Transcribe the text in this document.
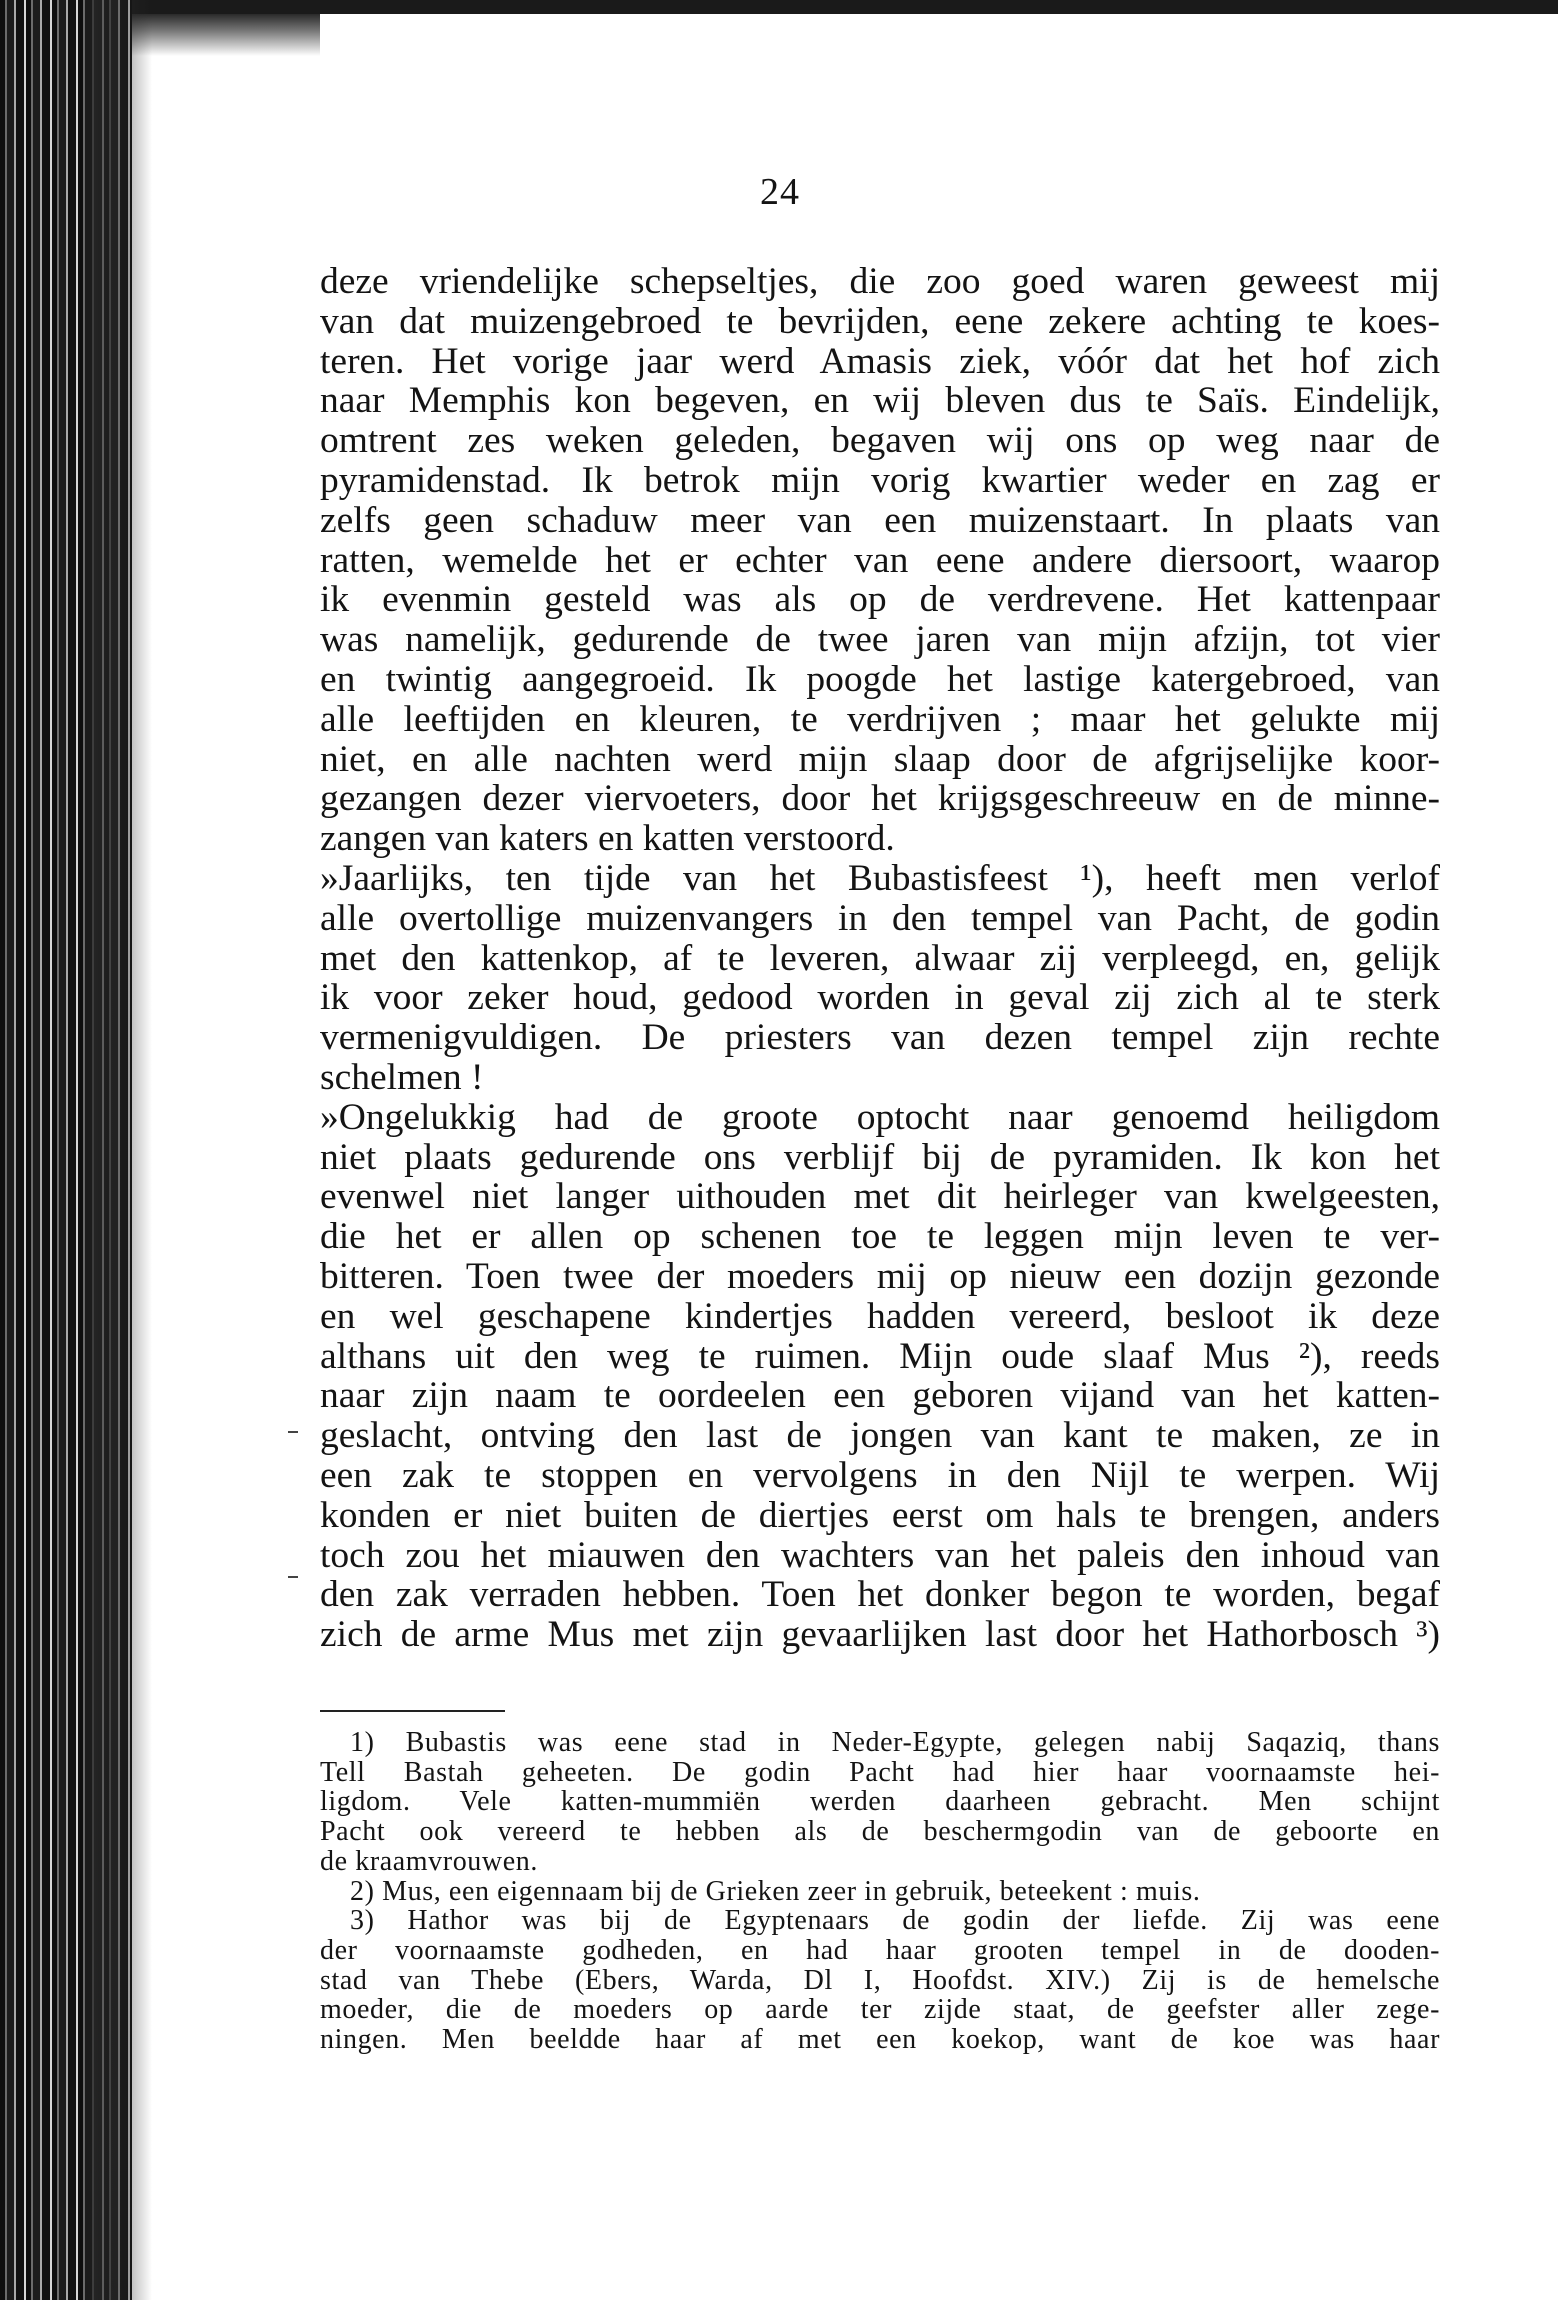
24
deze vriendelijke schepseltjes, die zoo goed waren geweest mij
van dat muizengebroed te bevrijden, eene zekere achting te koes-
teren. Het vorige jaar werd Amasis ziek, vóór dat het hof zich
naar Memphis kon begeven, en wij bleven dus te Saïs. Eindelijk,
omtrent zes weken geleden, begaven wij ons op weg naar de
pyramidenstad. Ik betrok mijn vorig kwartier weder en zag er
zelfs geen schaduw meer van een muizenstaart. In plaats van
ratten, wemelde het er echter van eene andere diersoort, waarop
ik evenmin gesteld was als op de verdrevene. Het kattenpaar
was namelijk, gedurende de twee jaren van mijn afzijn, tot vier
en twintig aangegroeid. Ik poogde het lastige katergebroed, van
alle leeftijden en kleuren, te verdrijven ; maar het gelukte mij
niet, en alle nachten werd mijn slaap door de afgrijselijke koor-
gezangen dezer viervoeters, door het krijgsgeschreeuw en de minne-
zangen van katers en katten verstoord.
»Jaarlijks, ten tijde van het Bubastisfeest ¹), heeft men verlof
alle overtollige muizenvangers in den tempel van Pacht, de godin
met den kattenkop, af te leveren, alwaar zij verpleegd, en, gelijk
ik voor zeker houd, gedood worden in geval zij zich al te sterk
vermenigvuldigen. De priesters van dezen tempel zijn rechte
schelmen !
»Ongelukkig had de groote optocht naar genoemd heiligdom
niet plaats gedurende ons verblijf bij de pyramiden. Ik kon het
evenwel niet langer uithouden met dit heirleger van kwelgeesten,
die het er allen op schenen toe te leggen mijn leven te ver-
bitteren. Toen twee der moeders mij op nieuw een dozijn gezonde
en wel geschapene kindertjes hadden vereerd, besloot ik deze
althans uit den weg te ruimen. Mijn oude slaaf Mus ²), reeds
naar zijn naam te oordeelen een geboren vijand van het katten-
geslacht, ontving den last de jongen van kant te maken, ze in
een zak te stoppen en vervolgens in den Nijl te werpen. Wij
konden er niet buiten de diertjes eerst om hals te brengen, anders
toch zou het miauwen den wachters van het paleis den inhoud van
den zak verraden hebben. Toen het donker begon te worden, begaf
zich de arme Mus met zijn gevaarlijken last door het Hathorbosch ³)
1) Bubastis was eene stad in Neder-Egypte, gelegen nabij Saqaziq, thans
Tell Bastah geheeten. De godin Pacht had hier haar voornaamste hei-
ligdom. Vele katten-mummiën werden daarheen gebracht. Men schijnt
Pacht ook vereerd te hebben als de beschermgodin van de geboorte en
de kraamvrouwen.
2) Mus, een eigennaam bij de Grieken zeer in gebruik, beteekent : muis.
3) Hathor was bij de Egyptenaars de godin der liefde. Zij was eene
der voornaamste godheden, en had haar grooten tempel in de dooden-
stad van Thebe (Ebers, Warda, Dl I, Hoofdst. XIV.) Zij is de hemelsche
moeder, die de moeders op aarde ter zijde staat, de geefster aller zege-
ningen. Men beeldde haar af met een koekop, want de koe was haar
